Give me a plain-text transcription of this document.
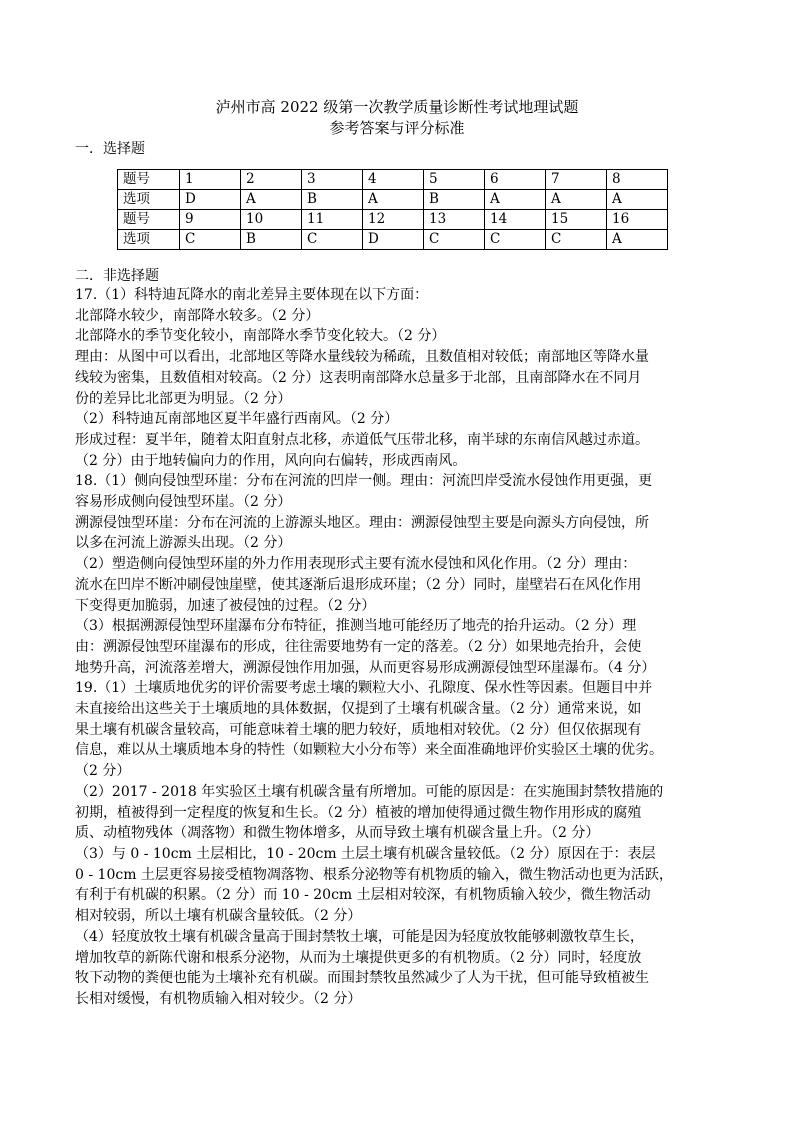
泸州市高 2022 级第一次教学质量诊断性考试地理试题
参考答案与评分标准
一．选择题
题号	1	2	3	4	5	6	7	8
选项	D	A	B	A	B	A	A	A
题号	9	10	11	12	13	14	15	16
选项	C	B	C	D	C	C	C	A
二．非选择题

17.（1）科特迪瓦降水的南北差异主要体现在以下方面：

北部降水较少，南部降水较多。（2 分）

北部降水的季节变化较小，南部降水季节变化较大。（2 分）

理由：从图中可以看出，北部地区等降水量线较为稀疏，且数值相对较低；南部地区等降水量

线较为密集，且数值相对较高。（2 分）这表明南部降水总量多于北部，且南部降水在不同月

份的差异比北部更为明显。（2 分）

（2）科特迪瓦南部地区夏半年盛行西南风。（2 分）

形成过程：夏半年，随着太阳直射点北移，赤道低气压带北移，南半球的东南信风越过赤道。

（2 分）由于地转偏向力的作用，风向向右偏转，形成西南风。

18.（1）侧向侵蚀型环崖：分布在河流的凹岸一侧。理由：河流凹岸受流水侵蚀作用更强，更

容易形成侧向侵蚀型环崖。（2 分）

溯源侵蚀型环崖：分布在河流的上游源头地区。理由：溯源侵蚀型主要是向源头方向侵蚀，所

以多在河流上游源头出现。（2 分）

（2）塑造侧向侵蚀型环崖的外力作用表现形式主要有流水侵蚀和风化作用。（2 分）理由：

流水在凹岸不断冲刷侵蚀崖壁，使其逐渐后退形成环崖；（2 分）同时，崖壁岩石在风化作用

下变得更加脆弱，加速了被侵蚀的过程。（2 分）

（3）根据溯源侵蚀型环崖瀑布分布特征，推测当地可能经历了地壳的抬升运动。（2 分）理

由：溯源侵蚀型环崖瀑布的形成，往往需要地势有一定的落差。（2 分）如果地壳抬升，会使

地势升高，河流落差增大，溯源侵蚀作用加强，从而更容易形成溯源侵蚀型环崖瀑布。（4 分）

19.（1）土壤质地优劣的评价需要考虑土壤的颗粒大小、孔隙度、保水性等因素。但题目中并

未直接给出这些关于土壤质地的具体数据，仅提到了土壤有机碳含量。（2 分）通常来说，如

果土壤有机碳含量较高，可能意味着土壤的肥力较好，质地相对较优。（2 分）但仅依据现有

信息，难以从土壤质地本身的特性（如颗粒大小分布等）来全面准确地评价实验区土壤的优劣。

（2 分）

（2）2017 - 2018 年实验区土壤有机碳含量有所增加。可能的原因是：在实施围封禁牧措施的

初期，植被得到一定程度的恢复和生长。（2 分）植被的增加使得通过微生物作用形成的腐殖

质、动植物残体（凋落物）和微生物体增多，从而导致土壤有机碳含量上升。（2 分）

（3）与 0 - 10cm 土层相比，10 - 20cm 土层土壤有机碳含量较低。（2 分）原因在于：表层

0 - 10cm 土层更容易接受植物凋落物、根系分泌物等有机物质的输入，微生物活动也更为活跃，

有利于有机碳的积累。（2 分）而 10 - 20cm 土层相对较深，有机物质输入较少，微生物活动

相对较弱，所以土壤有机碳含量较低。（2 分）

（4）轻度放牧土壤有机碳含量高于围封禁牧土壤，可能是因为轻度放牧能够刺激牧草生长，

增加牧草的新陈代谢和根系分泌物，从而为土壤提供更多的有机物质。（2 分）同时，轻度放

牧下动物的粪便也能为土壤补充有机碳。而围封禁牧虽然减少了人为干扰，但可能导致植被生

长相对缓慢，有机物质输入相对较少。（2 分）
